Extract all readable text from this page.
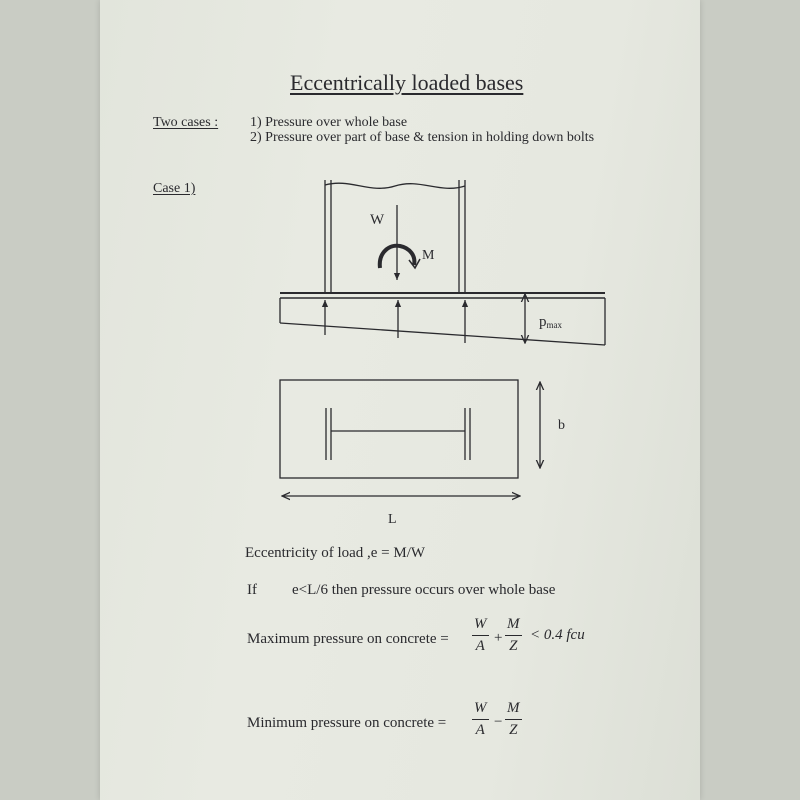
Eccentrically loaded bases
Two cases : 1) Pressure over whole base
2) Pressure over part of base & tension in holding down bolts
Case 1)
W
M
pmax
b
L
Eccentricity of load ,e = M/W
If e<L/6 then pressure occurs over whole base
Maximum pressure on concrete = $\frac{W}{A} + \frac{M}{Z} < 0.4$ fcu
Minimum pressure on concrete = $\frac{W}{A} - \frac{M}{Z}$
